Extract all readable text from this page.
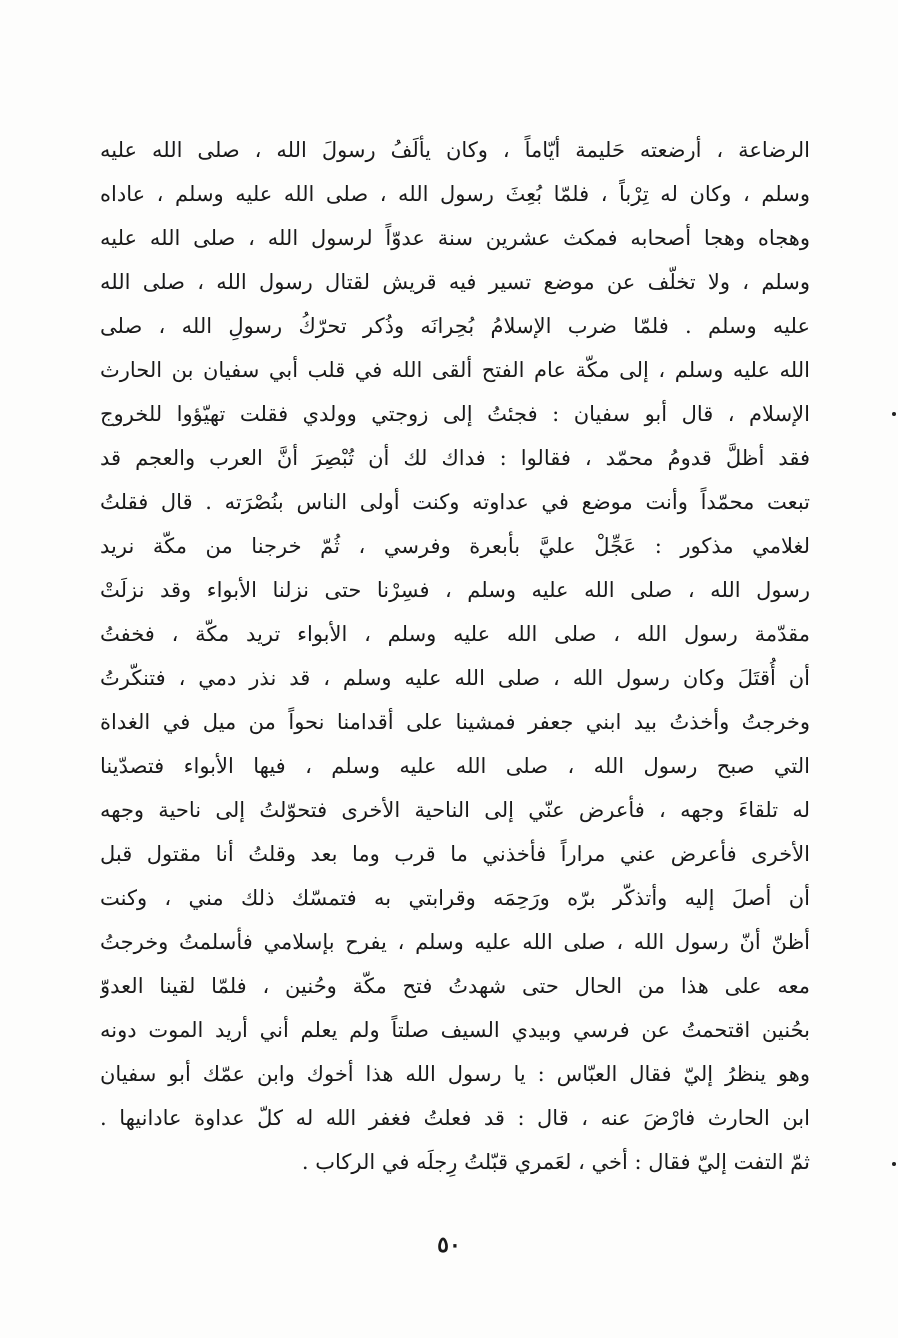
الرضاعة ، أرضعته حَليمة أيّاماً ، وكان يألَفُ رسولَ الله ، صلى الله عليه
وسلم ، وكان له تِرْباً ، فلمّا بُعِثَ رسول الله ، صلى الله عليه وسلم ، عاداه
وهجاه وهجا أصحابه فمكث عشرين سنة عدوّاً لرسول الله ، صلى الله عليه
وسلم ، ولا تخلّف عن موضع تسير فيه قريش لقتال رسول الله ، صلى الله
عليه وسلم . فلمّا ضرب الإسلامُ بُحِرانَه وذُكر تحرّكُ رسولِ الله ، صلى
الله عليه وسلم ، إلى مكّة عام الفتح ألقى الله في قلب أبي سفيان بن الحارث
الإسلام ، قال أبو سفيان : فجئتُ إلى زوجتي وولدي فقلت تهيّؤوا للخروج
فقد أظلَّ قدومُ محمّد ، فقالوا : فداك لك أن تُبْصِرَ أنَّ العرب والعجم قد
تبعت محمّداً وأنت موضع في عداوته وكنت أولى الناس بنُصْرَته . قال فقلتُ
لغلامي مذكور : عَجِّلْ عليَّ بأبعرة وفرسي ، ثُمّ خرجنا من مكّة نريد
رسول الله ، صلى الله عليه وسلم ، فسِرْنا حتى نزلنا الأبواء وقد نزلَتْ
مقدّمة رسول الله ، صلى الله عليه وسلم ، الأبواء تريد مكّة ، فخفتُ
أن أُقتَلَ وكان رسول الله ، صلى الله عليه وسلم ، قد نذر دمي ، فتنكّرتُ
وخرجتُ وأخذتُ بيد ابني جعفر فمشينا على أقدامنا نحواً من ميل في الغداة
التي صبح رسول الله ، صلى الله عليه وسلم ، فيها الأبواء فتصدّينا
له تلقاءَ وجهه ، فأعرض عنّي إلى الناحية الأخرى فتحوّلتُ إلى ناحية وجهه
الأخرى فأعرض عني مراراً فأخذني ما قرب وما بعد وقلتُ أنا مقتول قبل
أن أصلَ إليه وأتذكّر برّه ورَحِمَه وقرابتي به فتمسّك ذلك مني ، وكنت
أظنّ أنّ رسول الله ، صلى الله عليه وسلم ، يفرح بإسلامي فأسلمتُ وخرجتُ
معه على هذا من الحال حتى شهدتُ فتح مكّة وحُنين ، فلمّا لقينا العدوّ
بحُنين اقتحمتُ عن فرسي وبيدي السيف صلتاً ولم يعلم أني أريد الموت دونه
وهو ينظرُ إليّ فقال العبّاس : يا رسول الله هذا أخوك وابن عمّك أبو سفيان
ابن الحارث فارْضَ عنه ، قال : قد فعلتُ فغفر الله له كلّ عداوة عادانيها .
ثمّ التفت إليّ فقال : أخي ، لعَمري قبّلتُ رِجلَه في الركاب .
٥٠
